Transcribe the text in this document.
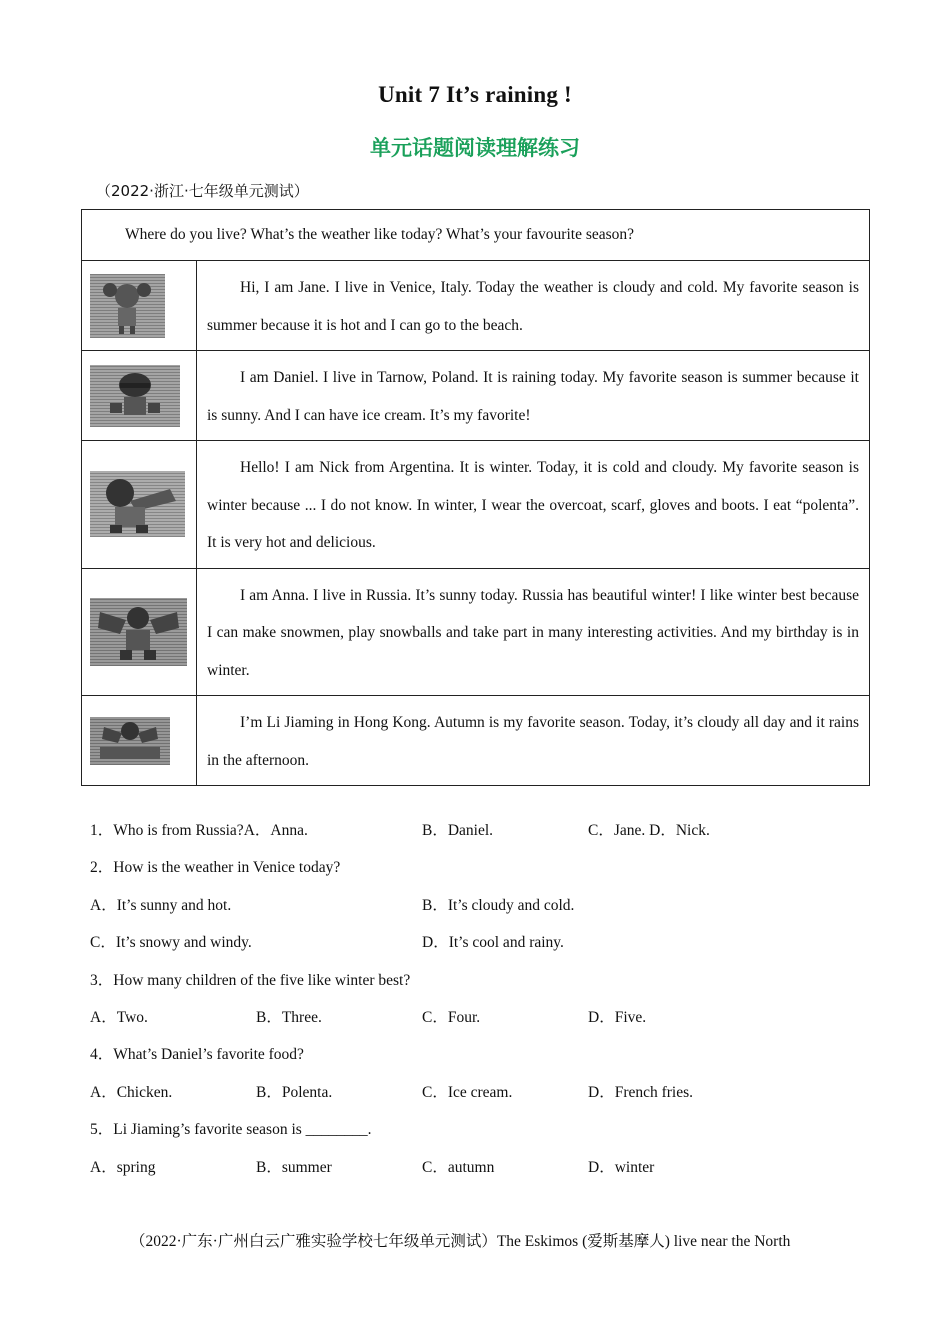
Unit 7 It’s raining !
单元话题阅读理解练习
（2022·浙江·七年级单元测试）
Where do you live? What’s the weather like today? What’s your favourite season?	

	Hi, I am Jane. I live in Venice, Italy. Today the weather is cloudy and cold. My favorite season is summer because it is hot and I can go to the beach.

	I am Daniel. I live in Tarnow, Poland. It is raining today. My favorite season is summer because it is sunny. And I can have ice cream. It’s my favorite!

	Hello! I am Nick from Argentina. It is winter. Today, it is cold and cloudy. My favorite season is winter because ... I do not know. In winter, I wear the overcoat, scarf, gloves and boots. I eat “polenta”. It is very hot and delicious.

	I am Anna. I live in Russia. It’s sunny today. Russia has beautiful winter! I like winter best because I can make snowmen, play snowballs and take part in many interesting activities. And my birthday is in winter.

	I’m Li Jiaming in Hong Kong. Autumn is my favorite season. Today, it’s cloudy all day and it rains in the afternoon.
1．Who is from Russia?A．Anna.	B．Daniel.	C．Jane. D．Nick.
2．How is the weather in Venice today?
A．It’s sunny and hot.	B．It’s cloudy and cold.
C．It’s snowy and windy.	D．It’s cool and rainy.
3．How many children of the five like winter best?
A．Two.	B．Three.	C．Four.	D．Five.
4．What’s Daniel’s favorite food?
A．Chicken.	B．Polenta.	C．Ice cream.	D．French fries.
5．Li Jiaming’s favorite season is ________.
A．spring	B．summer	C．autumn	D．winter
（2022·广东·广州白云广雅实验学校七年级单元测试）The Eskimos (爱斯基摩人) live near the North
